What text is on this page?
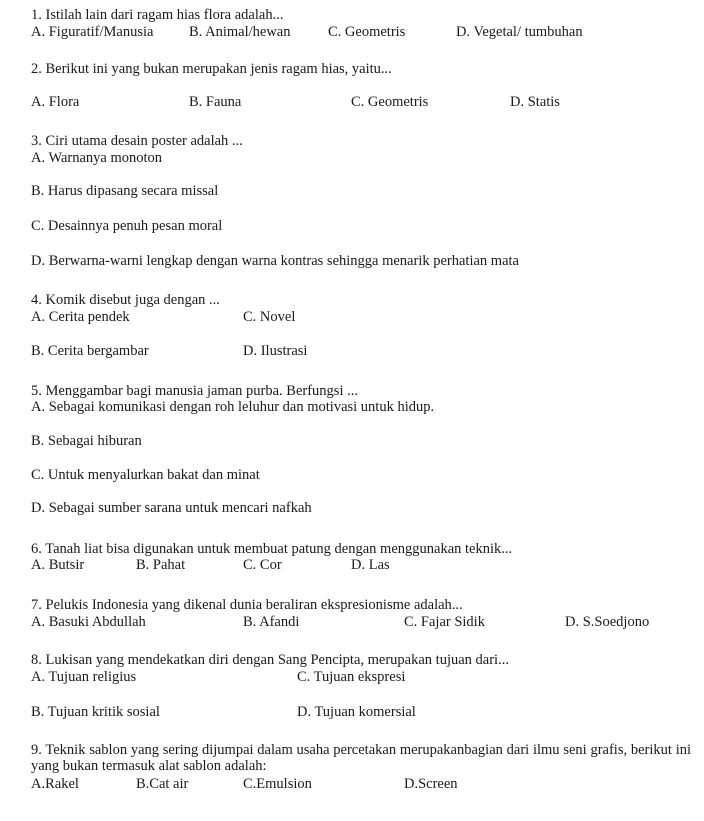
1. Istilah lain dari ragam hias flora adalah...
A. Figuratif/Manusia B. Animal/hewan	C. Geometris	D. Vegetal/ tumbuhan
2. Berikut ini yang bukan merupakan jenis ragam hias, yaitu...
A. Flora	B. Fauna	C. Geometris	D. Statis
3. Ciri utama desain poster adalah ...
A. Warnanya monoton
B. Harus dipasang secara missal
C. Desainnya penuh pesan moral
D. Berwarna-warni lengkap dengan warna kontras sehingga menarik perhatian mata
4. Komik disebut juga dengan ...
A. Cerita pendek	C. Novel
B. Cerita bergambar	D. Ilustrasi
5. Menggambar bagi manusia jaman purba. Berfungsi ...
A. Sebagai komunikasi dengan roh leluhur dan motivasi untuk hidup.
B. Sebagai hiburan
C. Untuk menyalurkan bakat dan minat
D. Sebagai sumber sarana untuk mencari nafkah
6. Tanah liat bisa digunakan untuk membuat patung dengan menggunakan teknik...
A. Butsir	B. Pahat	C. Cor	D. Las
7. Pelukis Indonesia yang dikenal dunia beraliran ekspresionisme adalah...
A. Basuki Abdullah	B. Afandi	C. Fajar Sidik	D. S.Soedjono
8. Lukisan yang mendekatkan diri dengan Sang Pencipta, merupakan tujuan dari...
A. Tujuan religius	C. Tujuan ekspresi
B. Tujuan kritik sosial	D. Tujuan komersial
9. Teknik sablon yang sering dijumpai dalam usaha percetakan merupakanbagian dari ilmu seni grafis, berikut ini yang bukan termasuk alat sablon adalah:
A.Rakel	B.Cat air	C.Emulsion	D.Screen
